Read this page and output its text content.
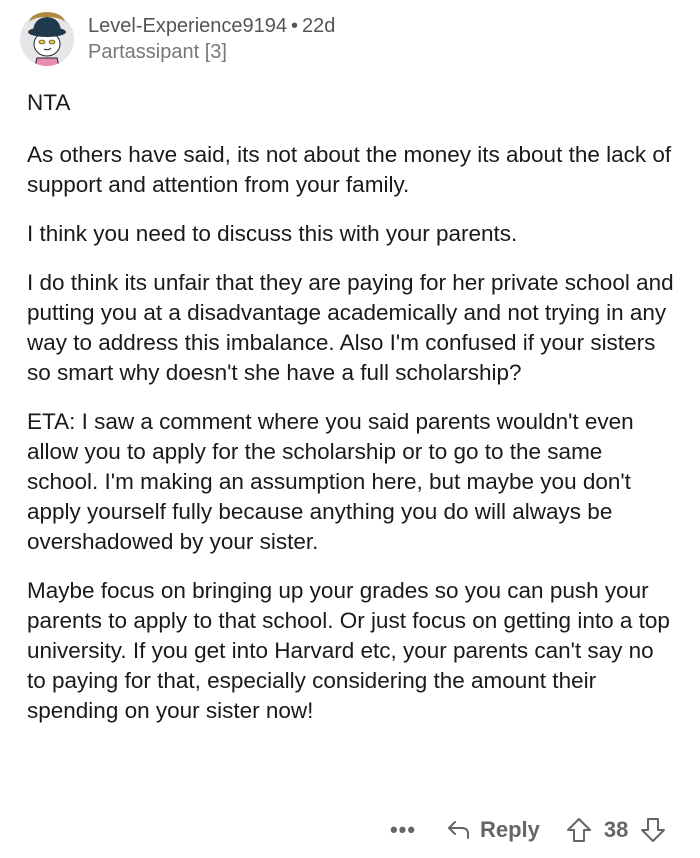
Level-Experience9194 • 22d
Partassipant [3]

NTA

As others have said, its not about the money its about the lack of support and attention from your family.

I think you need to discuss this with your parents.

I do think its unfair that they are paying for her private school and putting you at a disadvantage academically and not trying in any way to address this imbalance. Also I'm confused if your sisters so smart why doesn't she have a full scholarship?

ETA: I saw a comment where you said parents wouldn't even allow you to apply for the scholarship or to go to the same school. I'm making an assumption here, but maybe you don't apply yourself fully because anything you do will always be overshadowed by your sister.

Maybe focus on bringing up your grades so you can push your parents to apply to that school. Or just focus on getting into a top university. If you get into Harvard etc, your parents can't say no to paying for that, especially considering the amount their spending on your sister now!

•••	Reply	38
